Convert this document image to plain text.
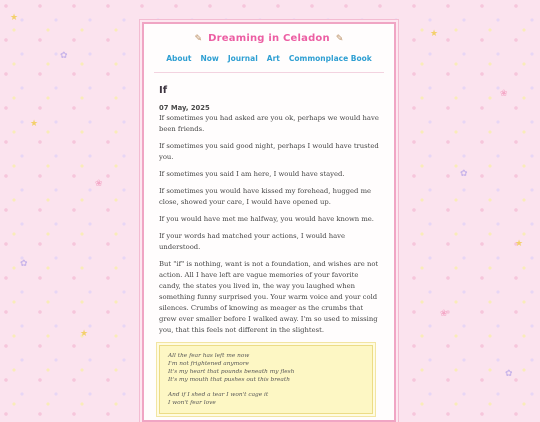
★
✿
★
❀
✿
★
★
❀
✿
★
❀
✿
✎ Dreaming in Celadon ✎
About Now Journal Art Commonplace Book
If

07 May, 2025

If sometimes you had asked are you ok, perhaps we would have been friends.

If sometimes you said good night, perhaps I would have trusted you.

If sometimes you said I am here, I would have stayed.

If sometimes you would have kissed my forehead, hugged me close, showed your care, I would have opened up.

If you would have met me halfway, you would have known me.

If your words had matched your actions, I would have understood.

But "if" is nothing, want is not a foundation, and wishes are not action. All I have left are vague memories of your favorite candy, the states you lived in, the way you laughed when something funny surprised you. Your warm voice and your cold silences. Crumbs of knowing as meager as the crumbs that grew ever smaller before I walked away. I'm so used to missing you, that this feels not different in the slightest.

All the fear has left me now

I'm not frightened anymore

It's my heart that pounds beneath my flesh

It's my mouth that pushes out this breath

And if I shed a tear I won't cage it

I won't fear love
